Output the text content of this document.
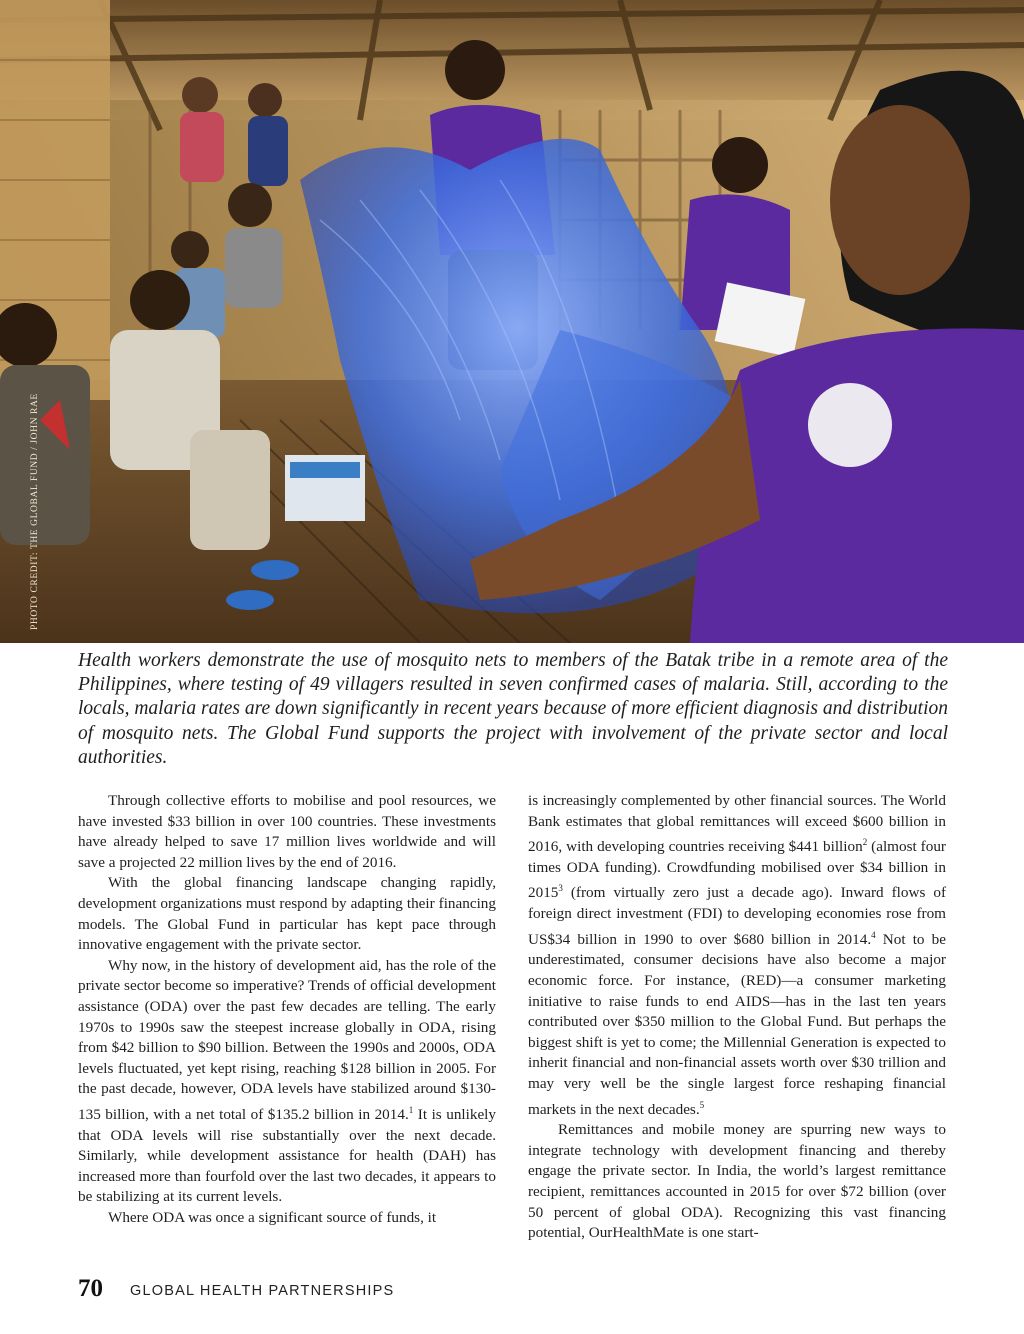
PHOTO CREDIT: THE GLOBAL FUND / JOHN RAE

Health workers demonstrate the use of mosquito nets to members of the Batak tribe in a remote area of the Philippines, where testing of 49 villagers resulted in seven confirmed cases of malaria. Still, according to the locals, malaria rates are down significantly in recent years because of more efficient diagnosis and distribution of mosquito nets. The Global Fund supports the project with involvement of the private sector and local authorities.

Through collective efforts to mobilise and pool resources, we have invested $33 billion in over 100 countries. These investments have already helped to save 17 million lives worldwide and will save a projected 22 million lives by the end of 2016.

With the global financing landscape changing rapidly, development organizations must respond by adapting their financing models. The Global Fund in particular has kept pace through innovative engagement with the private sector.

Why now, in the history of development aid, has the role of the private sector become so imperative? Trends of official development assistance (ODA) over the past few decades are telling. The early 1970s to 1990s saw the steepest increase globally in ODA, rising from $42 billion to $90 billion. Between the 1990s and 2000s, ODA levels fluctuated, yet kept rising, reaching $128 billion in 2005. For the past decade, however, ODA levels have stabilized around $130-135 billion, with a net total of $135.2 billion in 2014.$^1$ It is unlikely that ODA levels will rise substantially over the next decade. Similarly, while development assistance for health (DAH) has increased more than fourfold over the last two decades, it appears to be stabilizing at its current levels.

Where ODA was once a significant source of funds, it

is increasingly complemented by other financial sources. The World Bank estimates that global remittances will exceed $600 billion in 2016, with developing countries receiving $441 billion$^2$ (almost four times ODA funding). Crowdfunding mobilised over $34 billion in 2015$^3$ (from virtually zero just a decade ago). Inward flows of foreign direct investment (FDI) to developing economies rose from US$34 billion in 1990 to over $680 billion in 2014.$^4$ Not to be underestimated, consumer decisions have also become a major economic force. For instance, (RED)—a consumer marketing initiative to raise funds to end AIDS—has in the last ten years contributed over $350 million to the Global Fund. But perhaps the biggest shift is yet to come; the Millennial Generation is expected to inherit financial and non-financial assets worth over $30 trillion and may very well be the single largest force reshaping financial markets in the next decades.$^5$

Remittances and mobile money are spurring new ways to integrate technology with development financing and thereby engage the private sector. In India, the world’s largest remittance recipient, remittances accounted in 2015 for over $72 billion (over 50 percent of global ODA). Recognizing this vast financing potential, OurHealthMate is one start-

70 GLOBAL HEALTH PARTNERSHIPS
